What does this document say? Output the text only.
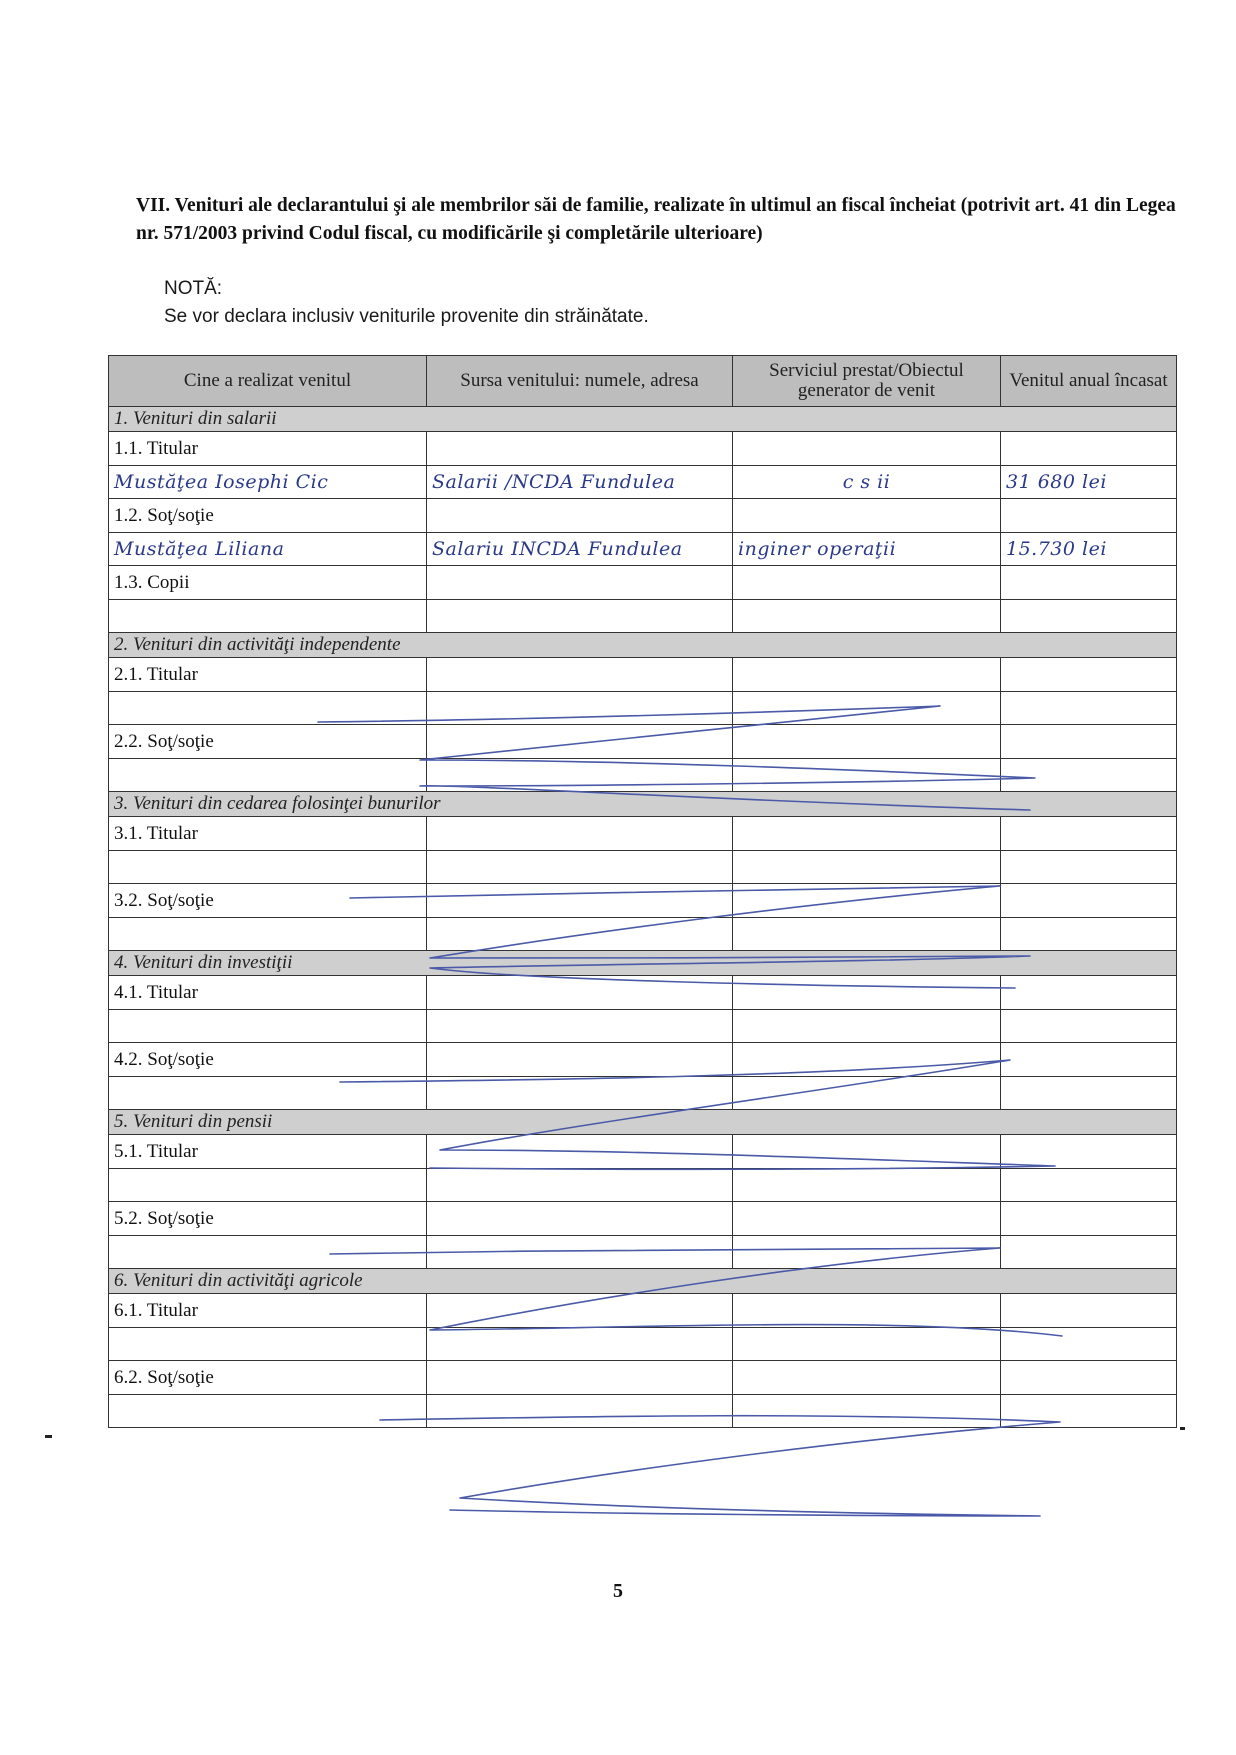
VII. Venituri ale declarantului şi ale membrilor săi de familie, realizate în ultimul an fiscal încheiat (potrivit art. 41 din Legea nr. 571/2003 privind Codul fiscal, cu modificările şi completările ulterioare)
NOTĂ:
Se vor declara inclusiv veniturile provenite din străinătate.
Cine a realizat venitul	Sursa venitului: numele, adresa	Serviciul prestat/Obiectul generator de venit	Venitul anual încasat
1. Venituri din salarii			
1.1. Titular			
Mustăţea Iosephi Cic	Salarii /NCDA Fundulea	c s ii	31 680 lei
1.2. Soţ/soţie			
Mustăţea Liliana	Salariu INCDA Fundulea	inginer operaţii	15.730 lei
1.3. Copii			

2. Venituri din activităţi independente			
2.1. Titular			

2.2. Soţ/soţie			

3. Venituri din cedarea folosinţei bunurilor			
3.1. Titular			

3.2. Soţ/soţie			

4. Venituri din investiţii			
4.1. Titular			

4.2. Soţ/soţie			

5. Venituri din pensii			
5.1. Titular			

5.2. Soţ/soţie			

6. Venituri din activităţi agricole			
6.1. Titular			

6.2. Soţ/soţie			

5
